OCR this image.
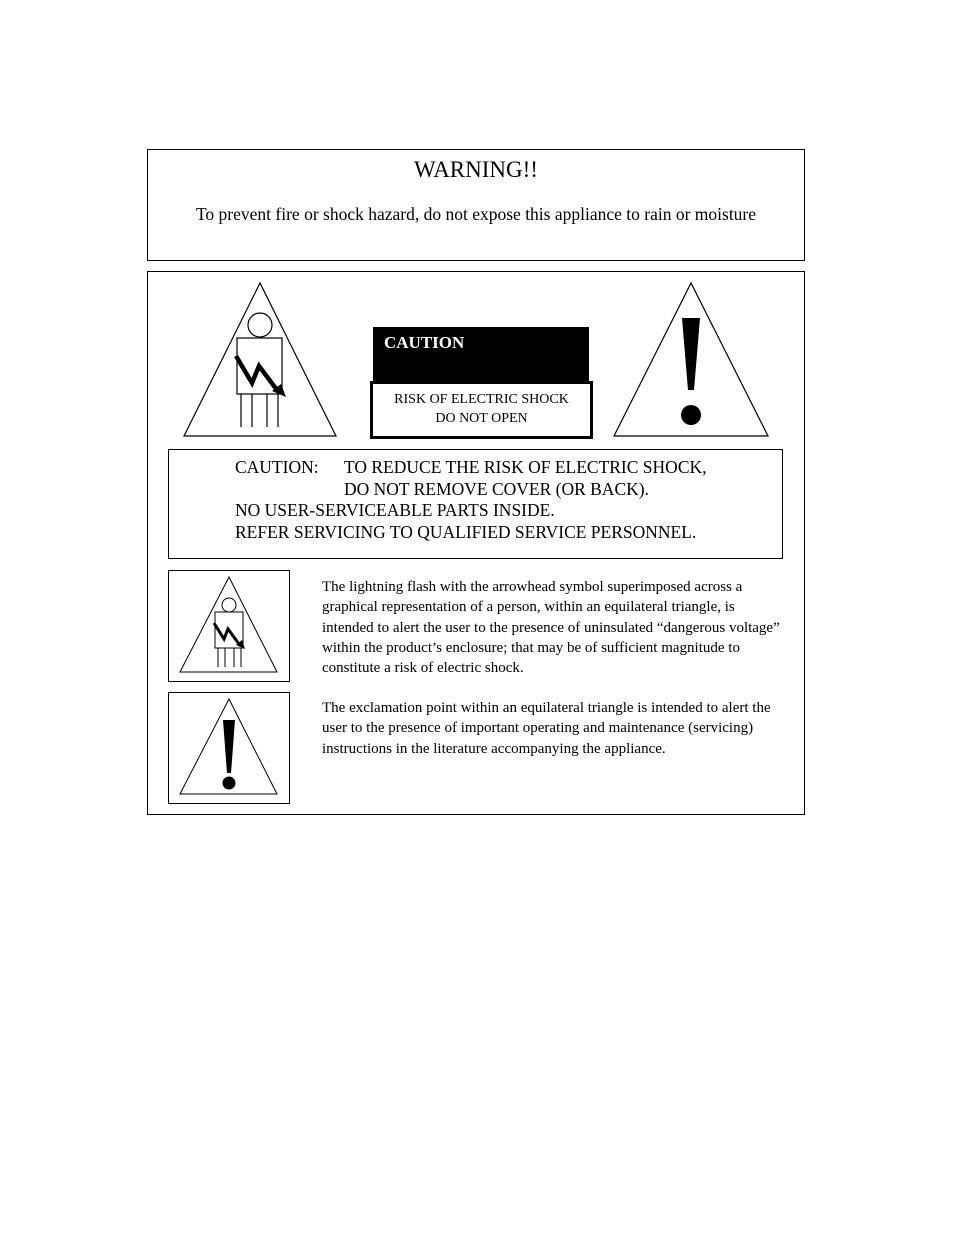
WARNING!!
To prevent fire or shock hazard, do not expose this appliance to rain or moisture
CAUTION
RISK OF ELECTRIC SHOCK
DO NOT OPEN
CAUTION: TO REDUCE THE RISK OF ELECTRIC SHOCK,
DO NOT REMOVE COVER (OR BACK).
NO USER-SERVICEABLE PARTS INSIDE.
REFER SERVICING TO QUALIFIED SERVICE PERSONNEL.
The lightning flash with the arrowhead symbol superimposed across a graphical representation of a person, within an equilateral triangle, is intended to alert the user to the presence of uninsulated “dangerous voltage” within the product’s enclosure; that may be of sufficient magnitude to constitute a risk of electric shock.
The exclamation point within an equilateral triangle is intended to alert the user to the presence of important operating and maintenance (servicing) instructions in the literature accompanying the appliance.
